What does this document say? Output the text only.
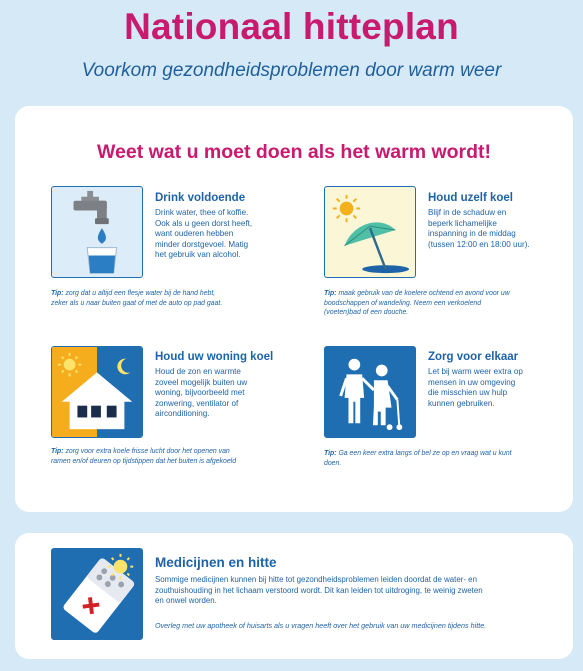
Nationaal hitteplan
Voorkom gezondheidsproblemen door warm weer
Weet wat u moet doen als het warm wordt!
Drink voldoende
Drink water, thee of koffie.
Ook als u geen dorst heeft,
want ouderen hebben
minder dorstgevoel. Matig
het gebruik van alcohol.
Tip: zorg dat u altijd een flesje water bij de hand hebt,
zeker als u naar buiten gaat of met de auto op pad gaat.
Houd uzelf koel
Blijf in de schaduw en
beperk lichamelijke
inspanning in de middag
(tussen 12:00 en 18:00 uur).
Tip: maak gebruik van de koelere ochtend en avond voor uw
boodschappen of wandeling. Neem een verkoelend
(voeten)bad of een douche.
Houd uw woning koel
Houd de zon en warmte
zoveel mogelijk buiten uw
woning, bijvoorbeeld met
zonwering, ventilator of
airconditioning.
Tip: zorg voor extra koele frisse lucht door het openen van
ramen en/of deuren op tijdstippen dat het buiten is afgekoeld
Zorg voor elkaar
Let bij warm weer extra op
mensen in uw omgeving
die misschien uw hulp
kunnen gebruiken.
Tip: Ga een keer extra langs of bel ze op en vraag wat u kunt
doen.
Medicijnen en hitte
Sommige medicijnen kunnen bij hitte tot gezondheidsproblemen leiden doordat de water- en
zouthuishouding in het lichaam verstoord wordt. Dit kan leiden tot uitdroging, te weinig zweten
en onwel worden.
Overleg met uw apotheek of huisarts als u vragen heeft over het gebruik van uw medicijnen tijdens hitte.
